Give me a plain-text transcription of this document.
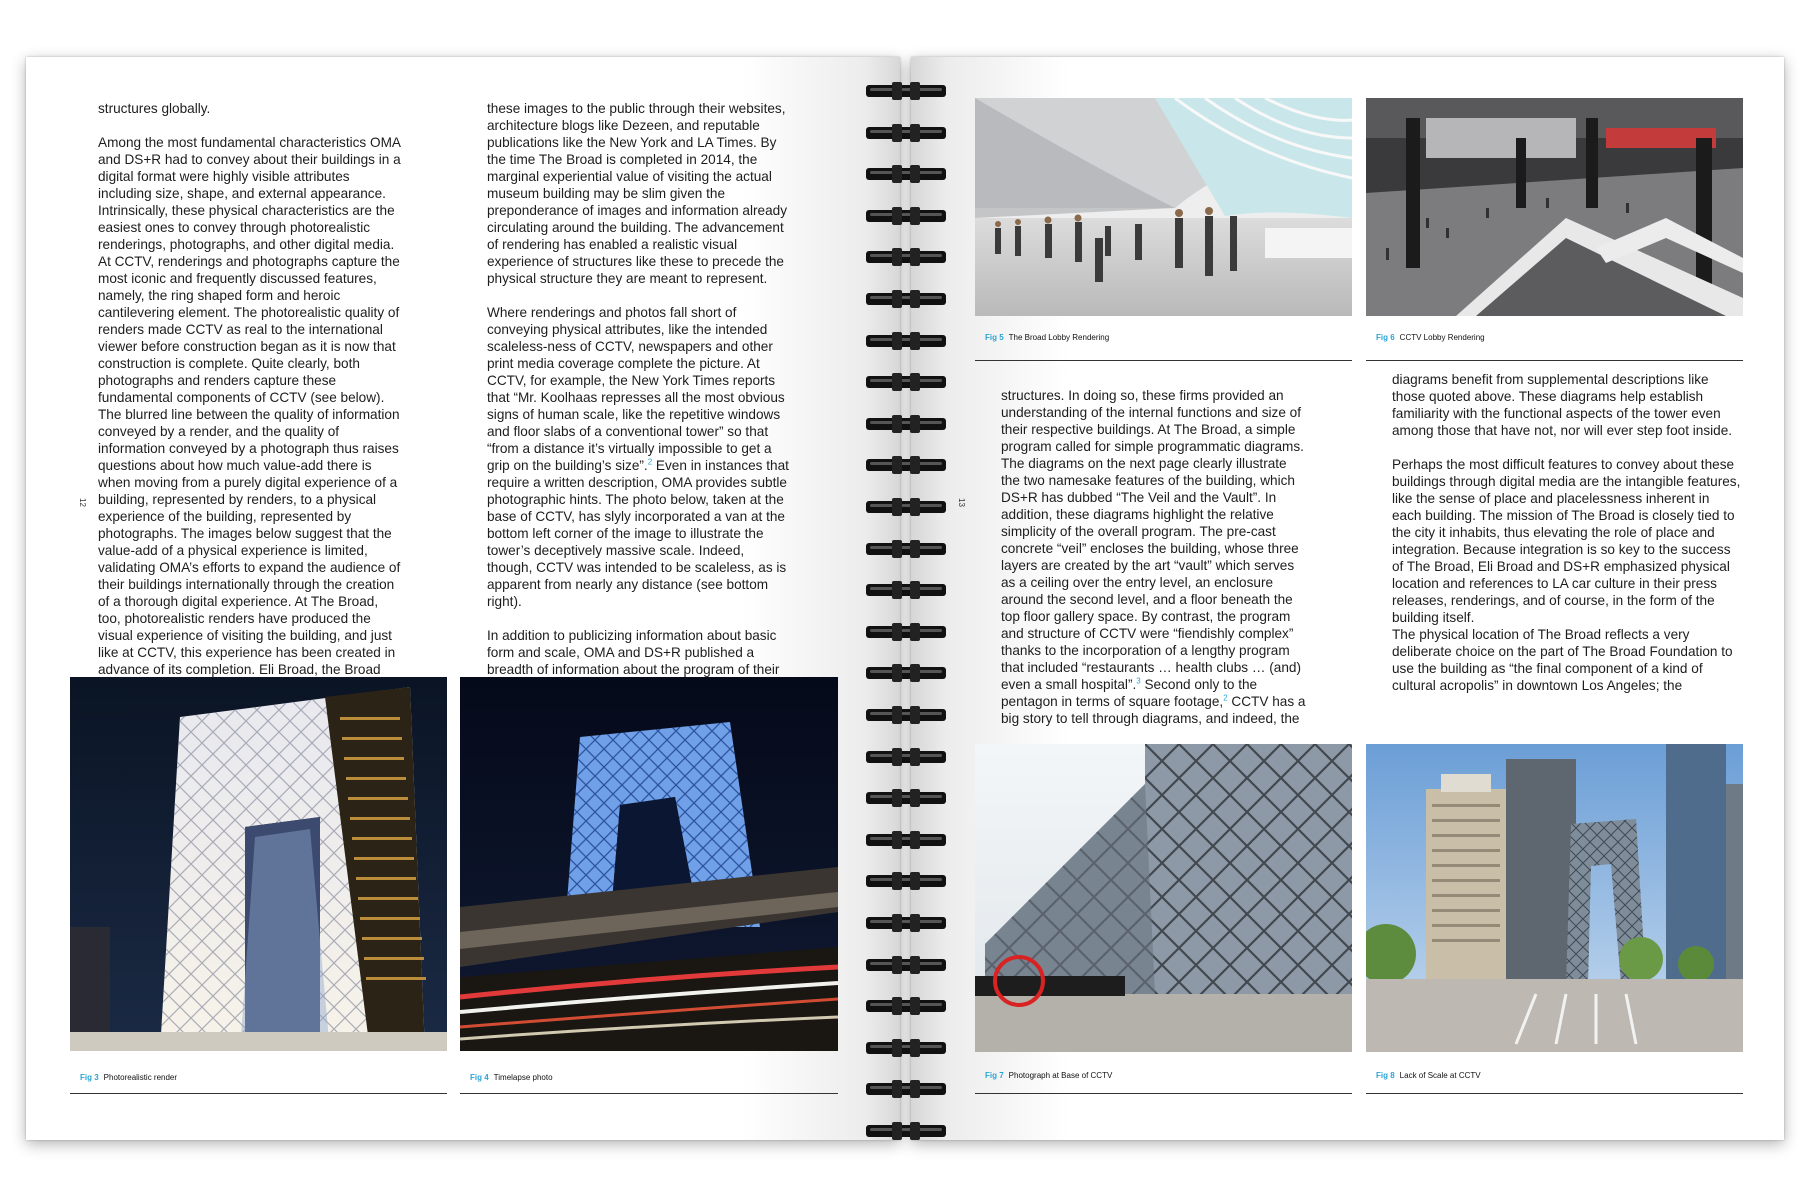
structures globally.

Among the most fundamental characteristics OMA and DS+R had to convey about their buildings in a digital format were highly visible attributes including size, shape, and external appearance. Intrinsically, these physical characteristics are the easiest ones to convey through photorealistic renderings, photographs, and other digital media. At CCTV, renderings and photographs capture the most iconic and frequently discussed features, namely, the ring shaped form and heroic cantilevering element. The photorealistic quality of renders made CCTV as real to the international viewer before construction began as it is now that construction is complete. Quite clearly, both photographs and renders capture these fundamental components of CCTV (see below). The blurred line between the quality of information conveyed by a render, and the quality of information conveyed by a photograph thus raises questions about how much value-add there is when moving from a purely digital experience of a building, represented by renders, to a physical experience of the building, represented by photographs. The images below suggest that the value-add of a physical experience is limited, validating OMA’s efforts to expand the audience of their buildings internationally through the creation of a thorough digital experience. At The Broad, too, photorealistic renders have produced the visual experience of visiting the building, and just like at CCTV, this experience has been created in advance of its completion. Eli Broad, the Broad

these images to the public through their websites, architecture blogs like Dezeen, and reputable publications like the New York and LA Times. By the time The Broad is completed in 2014, the marginal experiential value of visiting the actual museum building may be slim given the preponderance of images and information already circulating around the building. The advancement of rendering has enabled a realistic visual experience of structures like these to precede the physical structure they are meant to represent.

Where renderings and photos fall short of conveying physical attributes, like the intended scaleless-ness of CCTV, newspapers and other print media coverage complete the picture. At CCTV, for example, the New York Times reports that “Mr. Koolhaas represses all the most obvious signs of human scale, like the repetitive windows and floor slabs of a conventional tower” so that “from a distance it’s virtually impossible to get a grip on the building’s size”.$^2$ Even in instances that require a written description, OMA provides subtle photographic hints. The photo below, taken at the base of CCTV, has slyly incorporated a van at the bottom left corner of the image to illustrate the tower’s deceptively massive scale. Indeed, though, CCTV was intended to be scaleless, as is apparent from nearly any distance (see bottom right).

In addition to publicizing information about basic form and scale, OMA and DS+R published a breadth of information about the program of their

12
Fig 3 Photorealistic render	Fig 4 Timelapse photo
13
Fig 5 The Broad Lobby Rendering	Fig 6 CCTV Lobby Rendering

structures. In doing so, these firms provided an understanding of the internal functions and size of their respective buildings. At The Broad, a simple program called for simple programmatic diagrams. The diagrams on the next page clearly illustrate the two namesake features of the building, which DS+R has dubbed “The Veil and the Vault”. In addition, these diagrams highlight the relative simplicity of the overall program. The pre-cast concrete “veil” encloses the building, whose three layers are created by the art “vault” which serves as a ceiling over the entry level, an enclosure around the second level, and a floor beneath the top floor gallery space. By contrast, the program and structure of CCTV were “fiendishly complex” thanks to the incorporation of a lengthy program that included “restaurants … health clubs … (and) even a small hospital”.$^3$ Second only to the pentagon in terms of square footage,$^2$ CCTV has a big story to tell through diagrams, and indeed, the

diagrams benefit from supplemental descriptions like those quoted above. These diagrams help establish familiarity with the functional aspects of the tower even among those that have not, nor will ever step foot inside.

Perhaps the most difficult features to convey about these buildings through digital media are the intangible features, like the sense of place and placelessness inherent in each building. The mission of The Broad is closely tied to the city it inhabits, thus elevating the role of place and integration. Because integration is so key to the success of The Broad, Eli Broad and DS+R emphasized physical location and references to LA car culture in their press releases, renderings, and of course, in the form of the building itself.

The physical location of The Broad reflects a very deliberate choice on the part of The Broad Foundation to use the building as “the final component of a kind of cultural acropolis” in downtown Los Angeles; the

Fig 7 Photograph at Base of CCTV	Fig 8 Lack of Scale at CCTV
